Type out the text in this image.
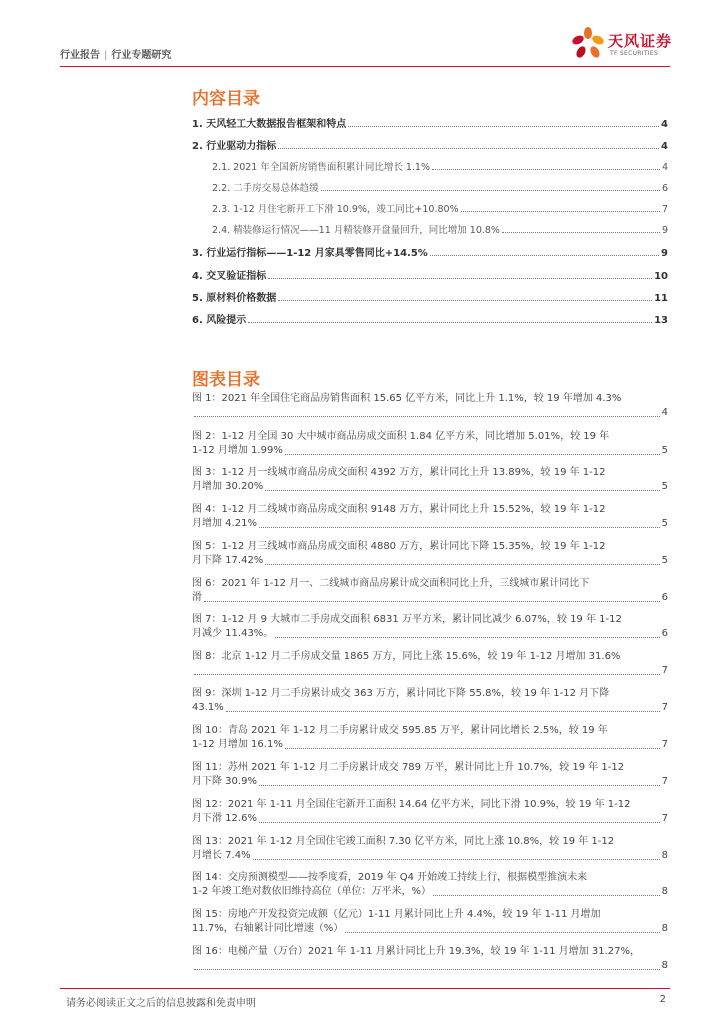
行业报告 | 行业专题研究
天风证券
TF SECURITIES
内容目录
1. 天风轻工大数据报告框架和特点	4
2. 行业驱动力指标	4
2.1. 2021 年全国新房销售面积累计同比增长 1.1%	4
2.2. 二手房交易总体趋缓	6
2.3. 1-12 月住宅新开工下滑 10.9%，竣工同比+10.80%	7
2.4. 精装修运行情况——11 月精装修开盘量回升，同比增加 10.8%	9
3. 行业运行指标——1-12 月家具零售同比+14.5%	9
4. 交叉验证指标	10
5. 原材料价格数据	11
6. 风险提示	13
图表目录
图 1：2021 年全国住宅商品房销售面积 15.65 亿平方米，同比上升 1.1%，较 19 年增加 4.3%
4
图 2：1-12 月全国 30 大中城市商品房成交面积 1.84 亿平方米，同比增加 5.01%，较 19 年
1-12 月增加 1.99%	5
图 3：1-12 月一线城市商品房成交面积 4392 万方，累计同比上升 13.89%，较 19 年 1-12
月增加 30.20%	5
图 4：1-12 月二线城市商品房成交面积 9148 万方，累计同比上升 15.52%，较 19 年 1-12
月增加 4.21%	5
图 5：1-12 月三线城市商品房成交面积 4880 万方，累计同比下降 15.35%，较 19 年 1-12
月下降 17.42%	5
图 6：2021 年 1-12 月一、二线城市商品房累计成交面积同比上升，三线城市累计同比下
滑	6
图 7：1-12 月 9 大城市二手房成交面积 6831 万平方米，累计同比减少 6.07%，较 19 年 1-12
月减少 11.43%。	6
图 8：北京 1-12 月二手房成交量 1865 万方，同比上涨 15.6%，较 19 年 1-12 月增加 31.6%
7
图 9：深圳 1-12 月二手房累计成交 363 万方，累计同比下降 55.8%，较 19 年 1-12 月下降
43.1%	7
图 10：青岛 2021 年 1-12 月二手房累计成交 595.85 万平，累计同比增长 2.5%，较 19 年
1-12 月增加 16.1%	7
图 11：苏州 2021 年 1-12 月二手房累计成交 789 万平，累计同比上升 10.7%，较 19 年 1-12
月下降 30.9%	7
图 12：2021 年 1-11 月全国住宅新开工面积 14.64 亿平方米，同比下滑 10.9%，较 19 年 1-12
月下滑 12.6%	7
图 13：2021 年 1-12 月全国住宅竣工面积 7.30 亿平方米，同比上涨 10.8%，较 19 年 1-12
月增长 7.4%	8
图 14：交房预测模型——按季度看，2019 年 Q4 开始竣工持续上行，根据模型推演未来
1-2 年竣工绝对数依旧维持高位（单位：万平米，%）	8
图 15：房地产开发投资完成额（亿元）1-11 月累计同比上升 4.4%，较 19 年 1-11 月增加
11.7%，右轴累计同比增速（%）	8
图 16：电梯产量（万台）2021 年 1-11 月累计同比上升 19.3%，较 19 年 1-11 月增加 31.27%，
8
请务必阅读正文之后的信息披露和免责申明	2
